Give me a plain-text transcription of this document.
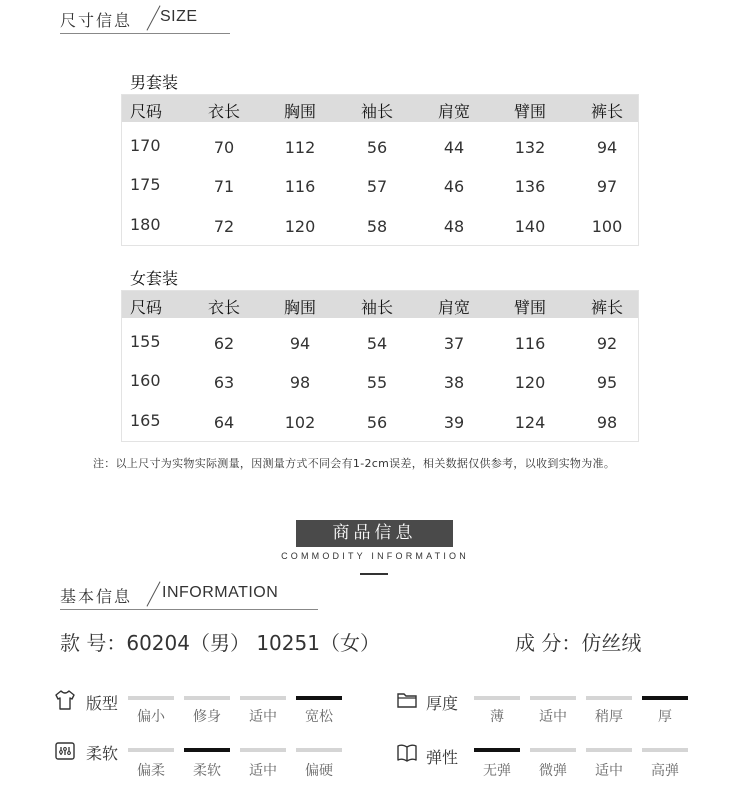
尺寸信息 SIZE
男套装
尺码	衣长	胸围	袖长	肩宽	臂围	裤长
170	70	112	56	44	132	94
175	71	116	57	46	136	97
180	72	120	58	48	140	100
女套装
尺码	衣长	胸围	袖长	肩宽	臂围	裤长
155	62	94	54	37	116	92
160	63	98	55	38	120	95
165	64	102	56	39	124	98
注：以上尺寸为实物实际测量，因测量方式不同会有1-2cm误差，相关数据仅供参考，以收到实物为准。
商品信息
COMMODITY INFORMATION
基本信息 INFORMATION
款 号：60204（男） 10251（女）	成 分：仿丝绒
版型
偏小	修身	适中	宽松
厚度
薄	适中	稍厚	厚
柔软
偏柔	柔软	适中	偏硬
弹性
无弹	微弹	适中	高弹
